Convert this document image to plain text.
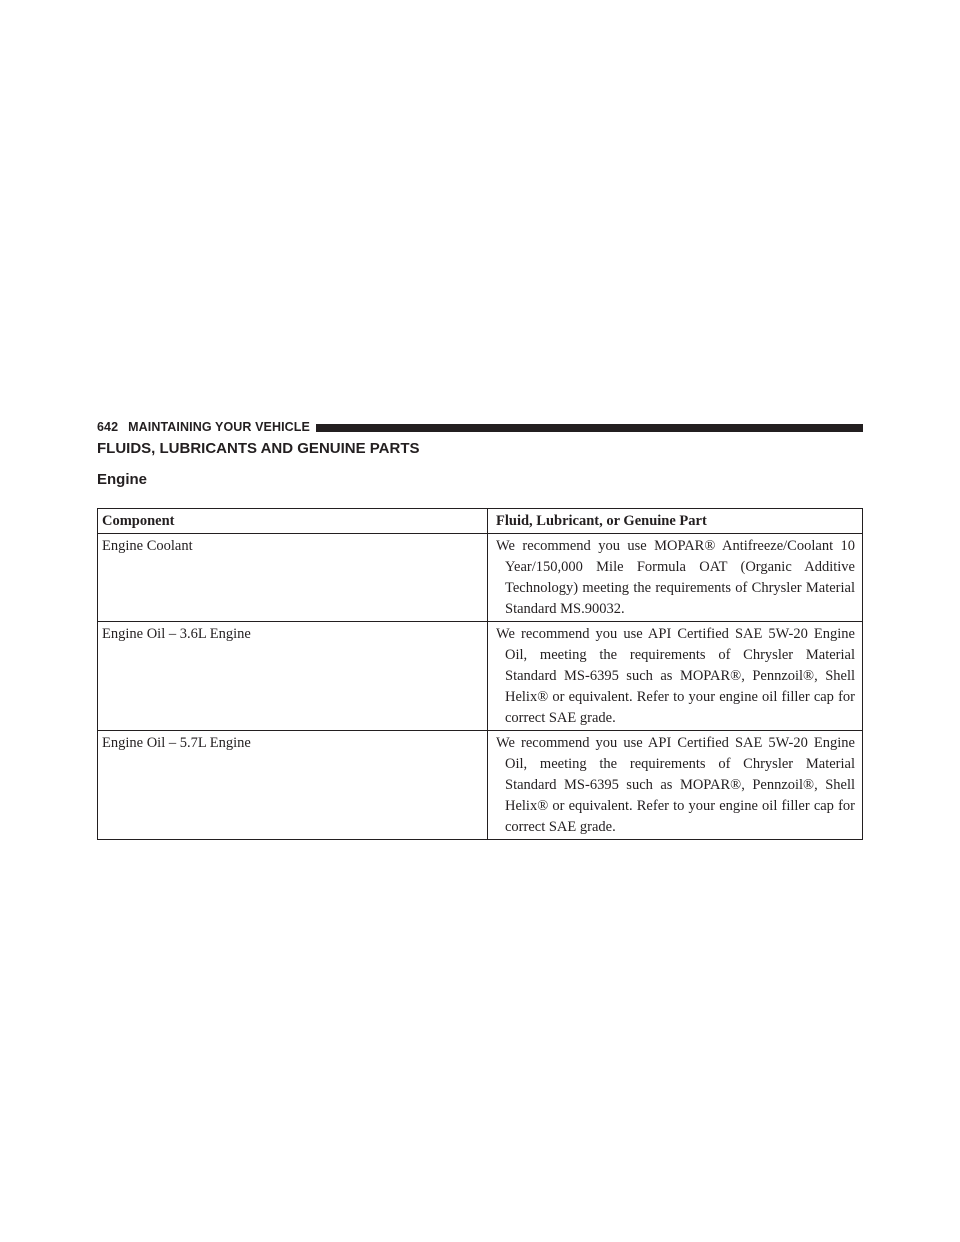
642 MAINTAINING YOUR VEHICLE
FLUIDS, LUBRICANTS AND GENUINE PARTS
Engine
Component	Fluid, Lubricant, or Genuine Part
Engine Coolant	We recommend you use MOPAR® Antifreeze/Coolant 10 Year/150,000 Mile Formula OAT (Organic Additive Technology) meeting the requirements of Chrysler Material Standard MS.90032.
Engine Oil – 3.6L Engine	We recommend you use API Certified SAE 5W-20 Engine Oil, meeting the requirements of Chrysler Material Standard MS-6395 such as MOPAR®, Pennzoil®, Shell Helix® or equivalent. Refer to your engine oil filler cap for correct SAE grade.
Engine Oil – 5.7L Engine	We recommend you use API Certified SAE 5W-20 Engine Oil, meeting the requirements of Chrysler Material Standard MS-6395 such as MOPAR®, Pennzoil®, Shell Helix® or equivalent. Refer to your engine oil filler cap for correct SAE grade.
